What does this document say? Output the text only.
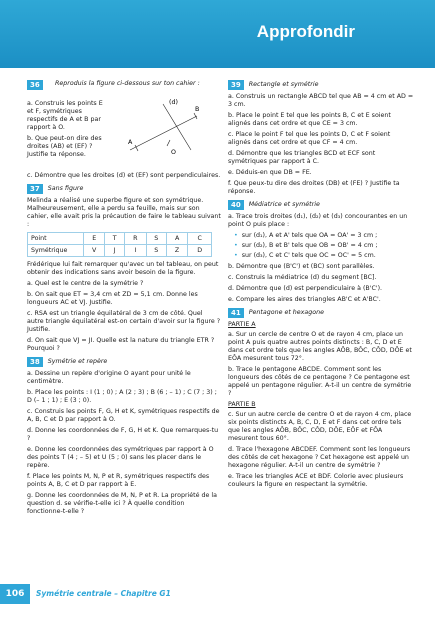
Approfondir
36	Reproduis la figure ci-dessous sur ton cahier :
a. Construis les points E et F, symétriques respectifs de A et B par rapport à O.
b. Que peut-on dire des droites (AB) et (EF) ? Justifie ta réponse.
(d)
A
B
O
c. Démontre que les droites (d) et (EF) sont perpendiculaires.
37	Sans figure
Melinda a réalisé une superbe figure et son symétrique. Malheureusement, elle a perdu sa feuille, mais sur son cahier, elle avait pris la précaution de faire le tableau suivant :
Point	E	T	R	S	A	C
Symétrique	V	J	I	S	Z	D
Frédérique lui fait remarquer qu'avec un tel tableau, on peut obtenir des indications sans avoir besoin de la figure.
a. Quel est le centre de la symétrie ?
b. On sait que ET = 3,4 cm et ZD = 5,1 cm. Donne les longueurs AC et VJ. Justifie.
c. RSA est un triangle équilatéral de 3 cm de côté. Quel autre triangle équilatéral est-on certain d'avoir sur la figure ? Justifie.
d. On sait que VJ = JI. Quelle est la nature du triangle ETR ? Pourquoi ?
38	Symétrie et repère
a. Dessine un repère d'origine O ayant pour unité le centimètre.
b. Place les points : I (1 ; 0) ; A (2 ; 3) ; B (6 ; – 1) ; C (7 ; 3) ; D (– 1 ; 1) ; E (3 ; 0).
c. Construis les points F, G, H et K, symétriques respectifs de A, B, C et D par rapport à O.
d. Donne les coordonnées de F, G, H et K. Que remarques-tu ?
e. Donne les coordonnées des symétriques par rapport à O des points T (4 ; – 5) et U (5 ; 0) sans les placer dans le repère.
f. Place les points M, N, P et R, symétriques respectifs des points A, B, C et D par rapport à E.
g. Donne les coordonnées de M, N, P et R. La propriété de la question d. se vérifie-t-elle ici ? À quelle condition fonctionne-t-elle ?
39	Rectangle et symétrie
a. Construis un rectangle ABCD tel que AB = 4 cm et AD = 3 cm.
b. Place le point E tel que les points B, C et E soient alignés dans cet ordre et que CE = 3 cm.
c. Place le point F tel que les points D, C et F soient alignés dans cet ordre et que CF = 4 cm.
d. Démontre que les triangles BCD et ECF sont symétriques par rapport à C.
e. Déduis-en que DB = FE.
f. Que peux-tu dire des droites (DB) et (FE) ? Justifie ta réponse.
40	Médiatrice et symétrie
a. Trace trois droites (d₁), (d₂) et (d₃) concourantes en un point O puis place :
• sur (d₁), A et A' tels que OA = OA' = 3 cm ;
• sur (d₂), B et B' tels que OB = OB' = 4 cm ;
• sur (d₃), C et C' tels que OC = OC' = 5 cm.
b. Démontre que (B'C') et (BC) sont parallèles.
c. Construis la médiatrice (d) du segment [BC].
d. Démontre que (d) est perpendiculaire à (B'C').
e. Compare les aires des triangles AB'C et A'BC'.
41	Pentagone et hexagone
PARTIE A
a. Sur un cercle de centre O et de rayon 4 cm, place un point A puis quatre autres points distincts : B, C, D et E dans cet ordre tels que les angles AÔB, BÔC, CÔD, DÔE et EÔA mesurent tous 72°.
b. Trace le pentagone ABCDE. Comment sont les longueurs des côtés de ce pentagone ? Ce pentagone est appelé un pentagone régulier. A-t-il un centre de symétrie ?
PARTIE B
c. Sur un autre cercle de centre O et de rayon 4 cm, place six points distincts A, B, C, D, E et F dans cet ordre tels que les angles AÔB, BÔC, CÔD, DÔE, EÔF et FÔA mesurent tous 60°.
d. Trace l'hexagone ABCDEF. Comment sont les longueurs des côtés de cet hexagone ? Cet hexagone est appelé un hexagone régulier. A-t-il un centre de symétrie ?
e. Trace les triangles ACE et BDF. Colorie avec plusieurs couleurs la figure en respectant la symétrie.
106	Symétrie centrale – Chapitre G1
